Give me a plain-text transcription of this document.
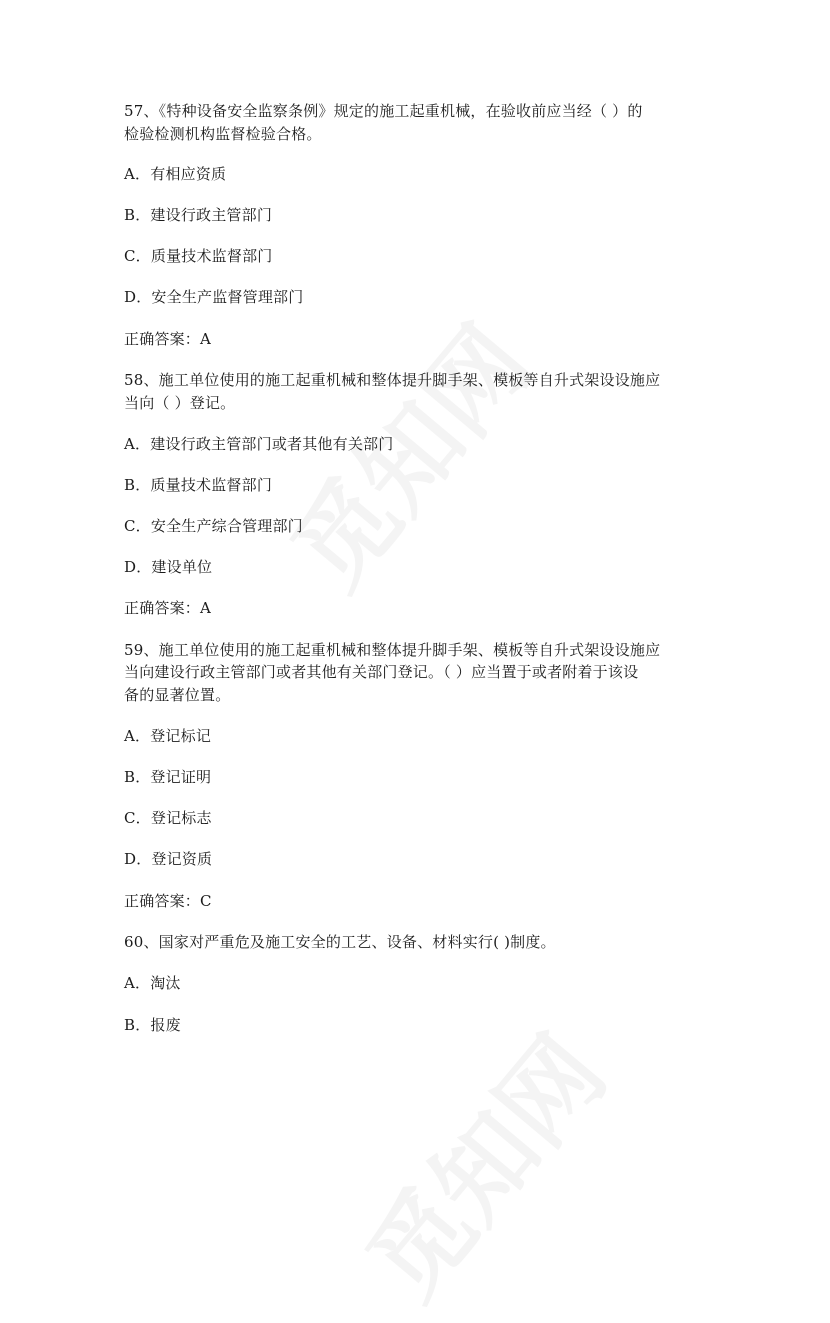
57、《特种设备安全监察条例》规定的施工起重机械，在验收前应当经（ ）的
检验检测机构监督检验合格。
A．有相应资质
B．建设行政主管部门
C．质量技术监督部门
D．安全生产监督管理部门
正确答案：A
58、施工单位使用的施工起重机械和整体提升脚手架、模板等自升式架设设施应
当向（ ）登记。
A．建设行政主管部门或者其他有关部门
B．质量技术监督部门
C．安全生产综合管理部门
D．建设单位
正确答案：A
59、施工单位使用的施工起重机械和整体提升脚手架、模板等自升式架设设施应
当向建设行政主管部门或者其他有关部门登记。（ ）应当置于或者附着于该设
备的显著位置。
A．登记标记
B．登记证明
C．登记标志
D．登记资质
正确答案：C
60、国家对严重危及施工安全的工艺、设备、材料实行( )制度。
A．淘汰
B．报废
